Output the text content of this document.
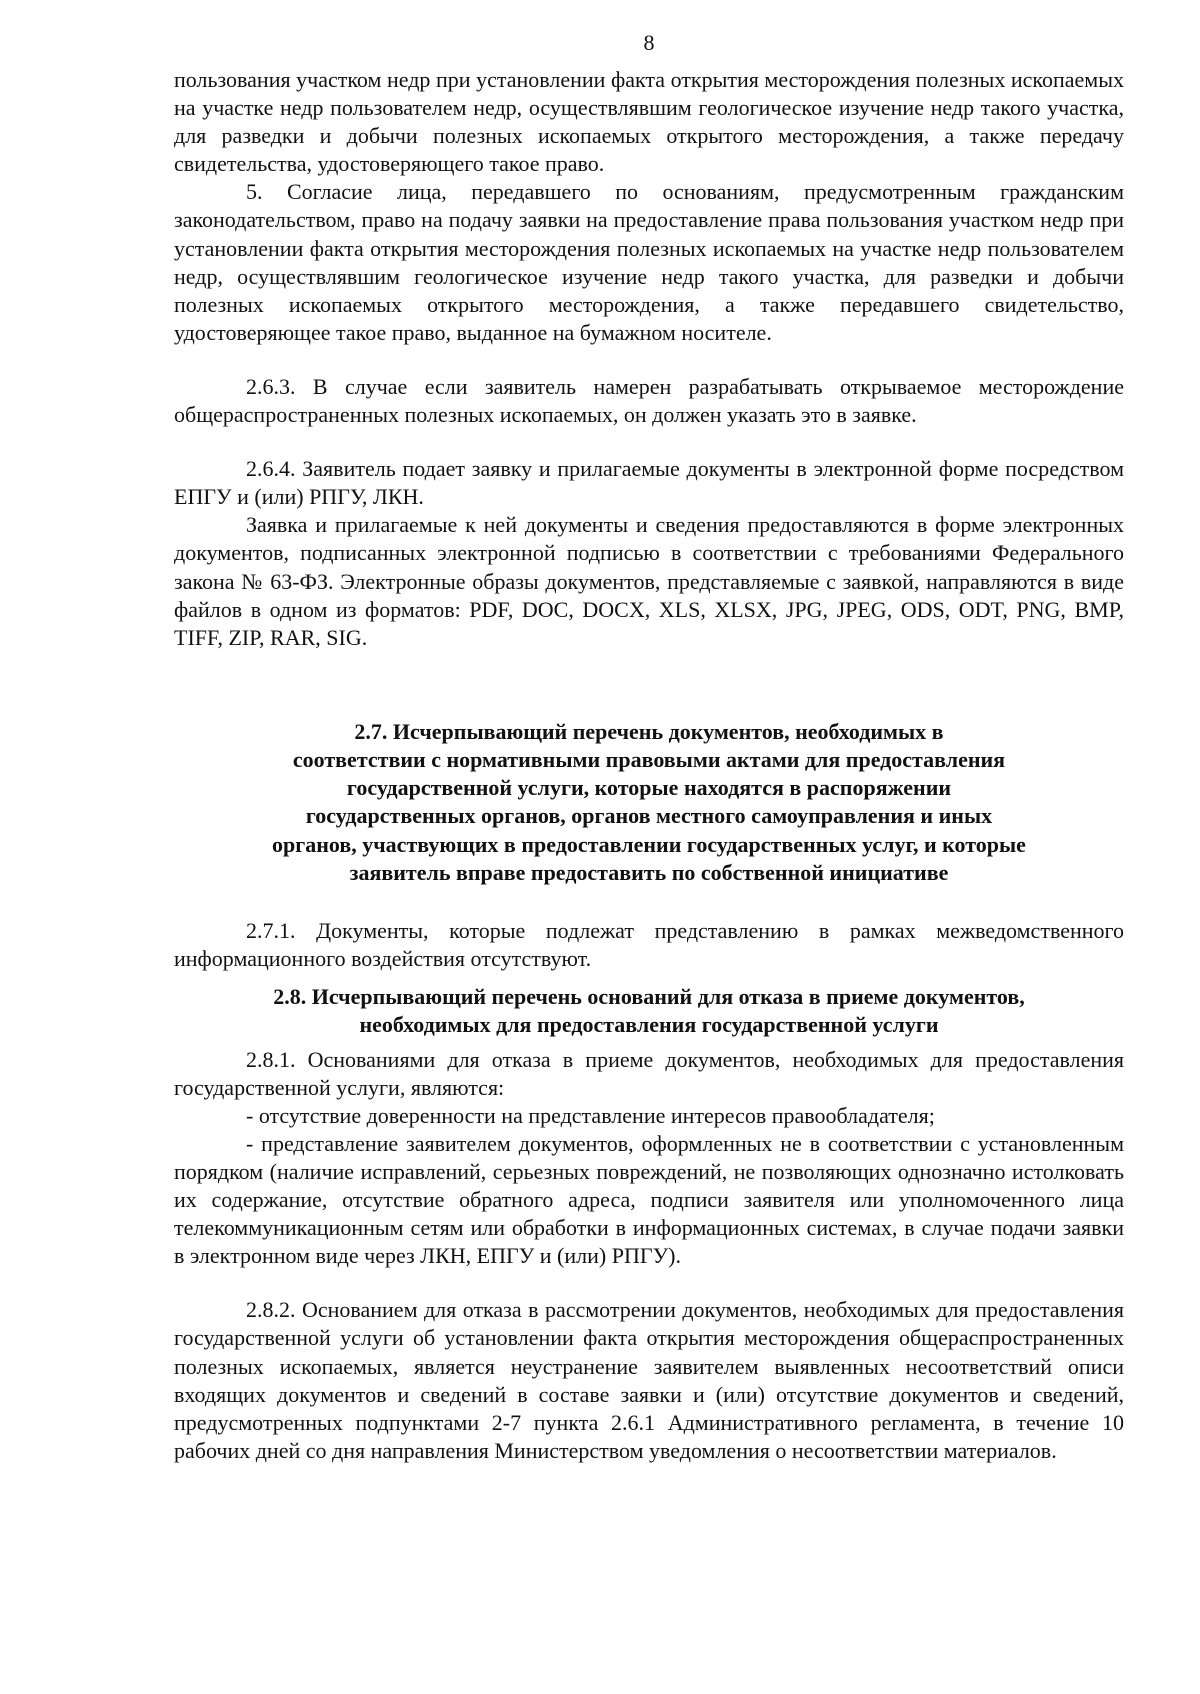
8

пользования участком недр при установлении факта открытия месторождения полезных ископаемых на участке недр пользователем недр, осуществлявшим геологическое изучение недр такого участка, для разведки и добычи полезных ископаемых открытого месторождения, а также передачу свидетельства, удостоверяющего такое право.

5. Согласие лица, передавшего по основаниям, предусмотренным гражданским законодательством, право на подачу заявки на предоставление права пользования участком недр при установлении факта открытия месторождения полезных ископаемых на участке недр пользователем недр, осуществлявшим геологическое изучение недр такого участка, для разведки и добычи полезных ископаемых открытого месторождения, а также передавшего свидетельство, удостоверяющее такое право, выданное на бумажном носителе.

2.6.3. В случае если заявитель намерен разрабатывать открываемое месторождение общераспространенных полезных ископаемых, он должен указать это в заявке.

2.6.4. Заявитель подает заявку и прилагаемые документы в электронной форме посредством ЕПГУ и (или) РПГУ, ЛКН.

Заявка и прилагаемые к ней документы и сведения предоставляются в форме электронных документов, подписанных электронной подписью в соответствии с требованиями Федерального закона № 63-ФЗ. Электронные образы документов, представляемые с заявкой, направляются в виде файлов в одном из форматов: PDF, DOC, DOCX, XLS, XLSX, JPG, JPEG, ODS, ODT, PNG, BMP, TIFF, ZIP, RAR, SIG.

2.7. Исчерпывающий перечень документов, необходимых в
соответствии с нормативными правовыми актами для предоставления
государственной услуги, которые находятся в распоряжении
государственных органов, органов местного самоуправления и иных
органов, участвующих в предоставлении государственных услуг, и которые
заявитель вправе предоставить по собственной инициативе

2.7.1. Документы, которые подлежат представлению в рамках межведомственного информационного воздействия отсутствуют.

2.8. Исчерпывающий перечень оснований для отказа в приеме документов,
необходимых для предоставления государственной услуги

2.8.1. Основаниями для отказа в приеме документов, необходимых для предоставления государственной услуги, являются:

- отсутствие доверенности на представление интересов правообладателя;

- представление заявителем документов, оформленных не в соответствии с установленным порядком (наличие исправлений, серьезных повреждений, не позволяющих однозначно истолковать их содержание, отсутствие обратного адреса, подписи заявителя или уполномоченного лица телекоммуникационным сетям или обработки в информационных системах, в случае подачи заявки в электронном виде через ЛКН, ЕПГУ и (или) РПГУ).

2.8.2. Основанием для отказа в рассмотрении документов, необходимых для предоставления государственной услуги об установлении факта открытия месторождения общераспространенных полезных ископаемых, является неустранение заявителем выявленных несоответствий описи входящих документов и сведений в составе заявки и (или) отсутствие документов и сведений, предусмотренных подпунктами 2-7 пункта 2.6.1 Административного регламента, в течение 10 рабочих дней со дня направления Министерством уведомления о несоответствии материалов.
